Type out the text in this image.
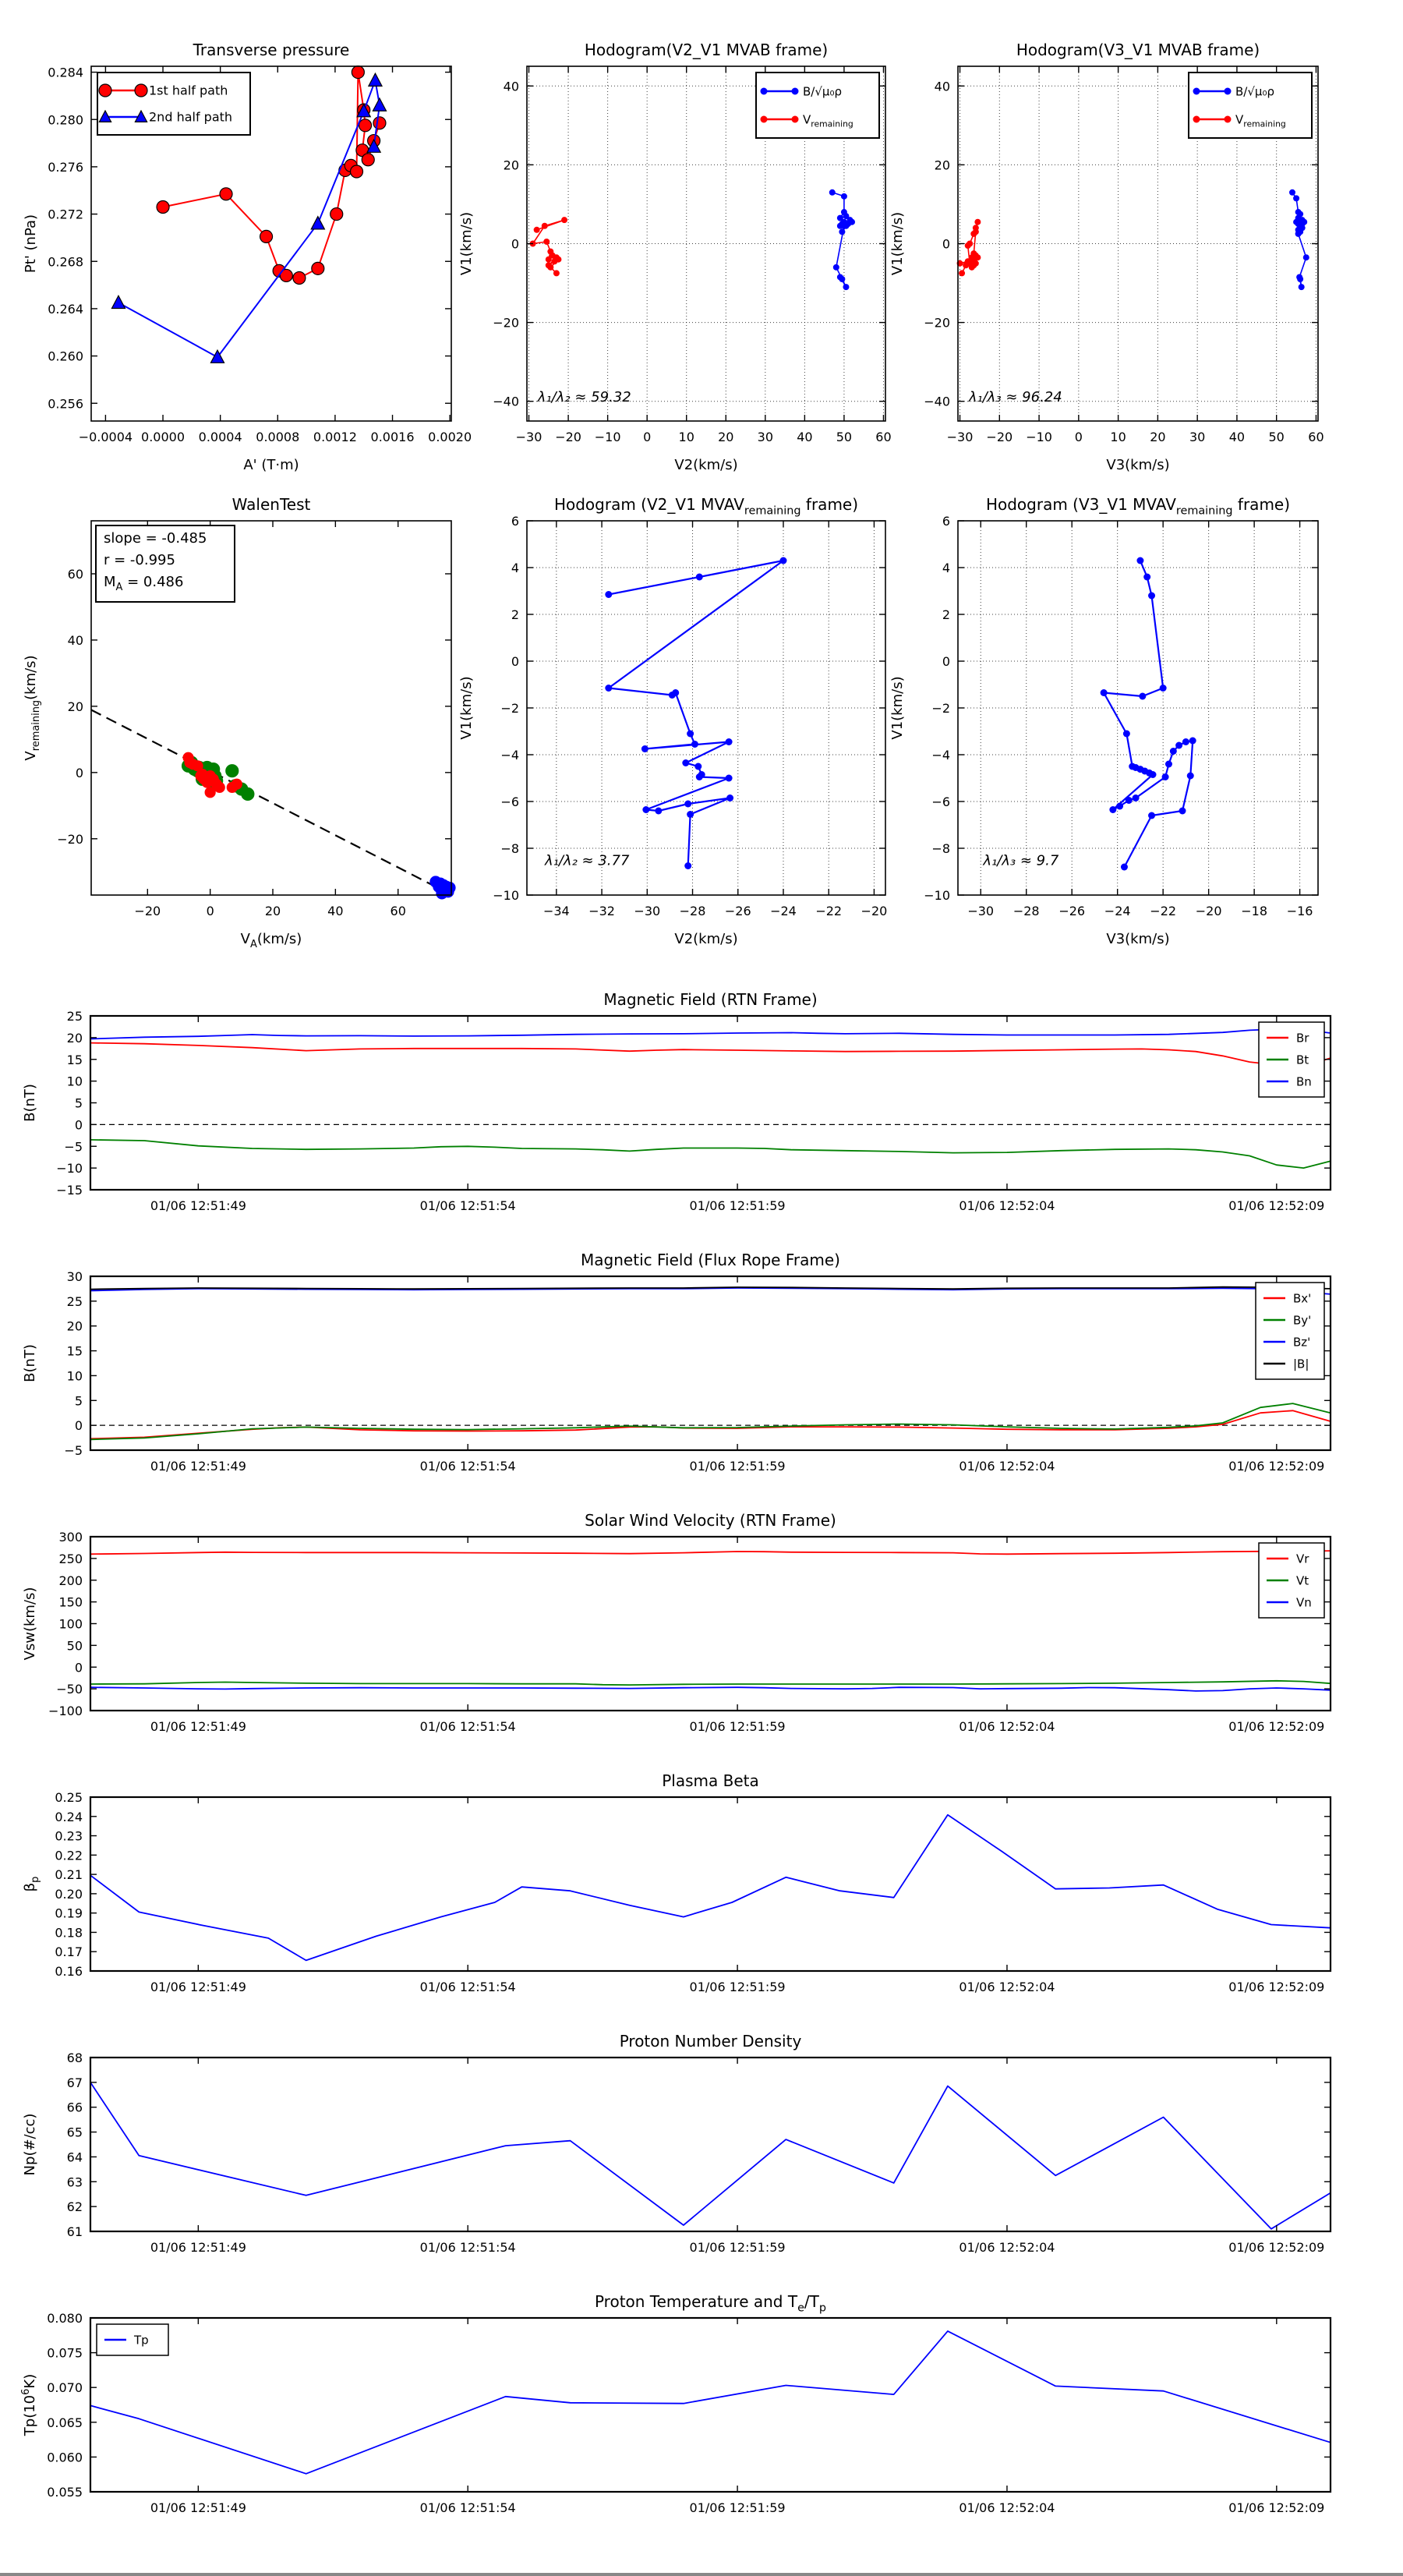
−0.0004 0.0000 0.0004 0.0008 0.0012 0.0016 0.0020
0.256
0.260
0.264
0.268
0.272
0.276
0.280
0.284
Transverse pressure
A' (T·m)
Pt' (nPa)
1st half path
2nd half path
λ₁/λ₂ ≈ 59.32
−30 −20 −10 0 10 20 30 40 50 60
−40
−20
0
20
40
Hodogram(V2_V1 MVAB frame)
V2(km/s)
V1(km/s)
B/√μ₀ρ
$V_{remaining}$
λ₁/λ₃ ≈ 96.24
−30 −20 −10 0 10 20 30 40 50 60
−40
−20
0
20
40
Hodogram(V3_V1 MVAB frame)
V3(km/s)
V1(km/s)
B/√μ₀ρ
$V_{remaining}$
−20	0	20	40	60
−20
0
20
40
60
WalenTest
$V_A(km/s)$
$V_{remaining}(km/s)$
slope = -0.485
r = -0.995
$M_A = 0.486$
λ₁/λ₂ ≈ 3.77
−34 −32 −30 −28 −26 −24 −22 −20
−10
−8
−6
−4
−2
0
2
4
6
Hodogram (V2_V1 $MVAV_{remaining}$ frame)
V2(km/s)
V1(km/s)
λ₁/λ₃ ≈ 9.7
−30 −28 −26 −24 −22 −20 −18 −16
−10
−8
−6
−4
−2
0
2
4
6
Hodogram (V3_V1 $MVAV_{remaining}$ frame)
V3(km/s)
V1(km/s)
01/06 12:51:49	01/06 12:51:54	01/06 12:51:59	01/06 12:52:04	01/06 12:52:09
−15
−10
−5
0
5
10
15
20
25
Magnetic Field (RTN Frame)
B(nT)
Br
Bt
Bn
01/06 12:51:49	01/06 12:51:54	01/06 12:51:59	01/06 12:52:04	01/06 12:52:09
−5
0
5
10
15
20
25
30
Magnetic Field (Flux Rope Frame)
B(nT)
Bx'
By'
Bz'
|B|
01/06 12:51:49	01/06 12:51:54	01/06 12:51:59	01/06 12:52:04	01/06 12:52:09
−100
−50
0
50
100
150
200
250
300
Solar Wind Velocity (RTN Frame)
Vsw(km/s)
Vr
Vt
Vn
01/06 12:51:49	01/06 12:51:54	01/06 12:51:59	01/06 12:52:04	01/06 12:52:09
0.16
0.17
0.18
0.19
0.20
0.21
0.22
0.23
0.24
0.25
Plasma Beta
$\beta_p$
01/06 12:51:49	01/06 12:51:54	01/06 12:51:59	01/06 12:52:04	01/06 12:52:09
61
62
63
64
65
66
67
68
Proton Number Density
Np(#/cc)
01/06 12:51:49	01/06 12:51:54	01/06 12:51:59	01/06 12:52:04	01/06 12:52:09
0.055
0.060
0.065
0.070
0.075
0.080
Proton Temperature and $T_e/T_p$
$Tp(10^6K)$
Tp
